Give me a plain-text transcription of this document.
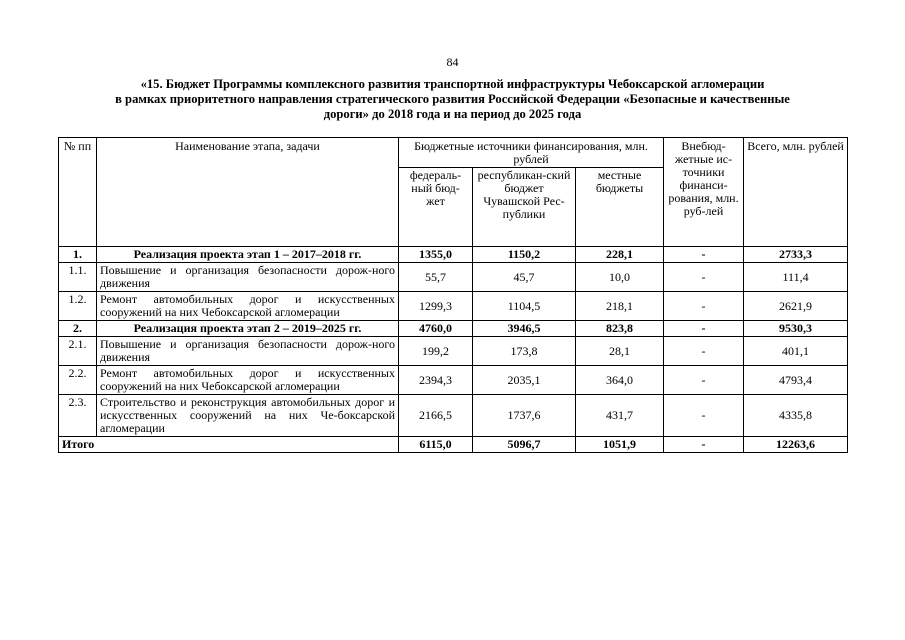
84
«15. Бюджет Программы комплексного развития транспортной инфраструктуры Чебоксарской агломерации
в рамках приоритетного направления стратегического развития Российской Федерации «Безопасные и качественные
дороги» до 2018 года и на период до 2025 года
№ пп	Наименование этапа, задачи	Бюджетные источники финансирования, млн. рублей			Внебюд-жетные ис-точники финанси-рования, млн. руб-лей	Всего, млн. рублей
		федераль-ный бюд-жет	республикан-ский бюджет Чувашской Рес-публики	местные бюджеты		
1.	Реализация проекта этап 1 – 2017–2018 гг.	1355,0	1150,2	228,1	-	2733,3
1.1.	Повышение и организация безопасности дорож-ного движения	55,7	45,7	10,0	-	111,4
1.2.	Ремонт автомобильных дорог и искусственных сооружений на них Чебоксарской агломерации	1299,3	1104,5	218,1	-	2621,9
2.	Реализация проекта этап 2 – 2019–2025 гг.	4760,0	3946,5	823,8	-	9530,3
2.1.	Повышение и организация безопасности дорож-ного движения	199,2	173,8	28,1	-	401,1
2.2.	Ремонт автомобильных дорог и искусственных сооружений на них Чебоксарской агломерации	2394,3	2035,1	364,0	-	4793,4
2.3.	Строительство и реконструкция автомобильных дорог и искусственных сооружений на них Че-боксарской агломерации	2166,5	1737,6	431,7	-	4335,8
Итого		6115,0	5096,7	1051,9	-	12263,6
